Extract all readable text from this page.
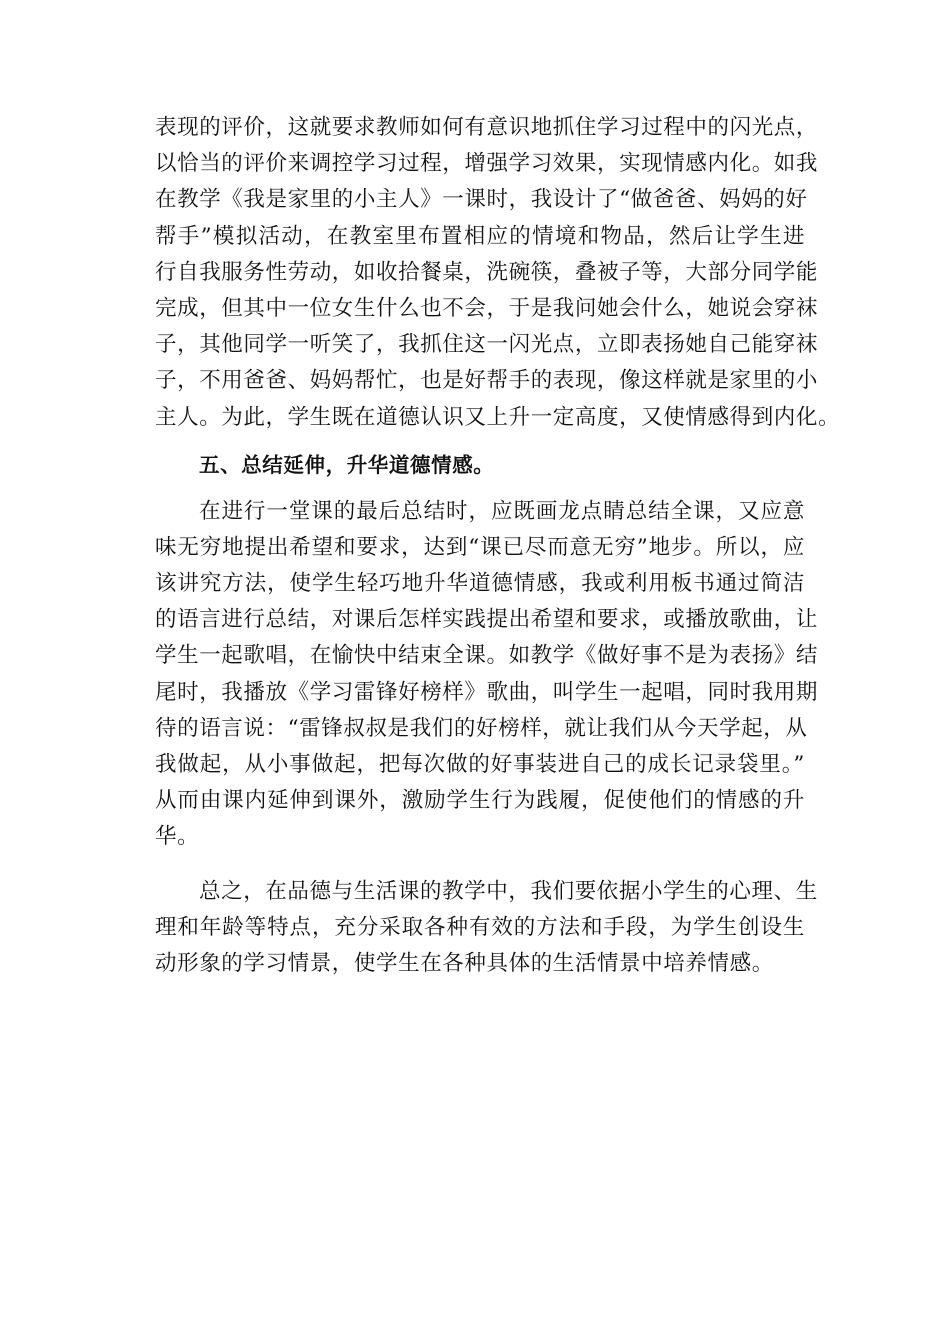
表现的评价，这就要求教师如何有意识地抓住学习过程中的闪光点，
以恰当的评价来调控学习过程，增强学习效果，实现情感内化。如我
在教学《我是家里的小主人》一课时，我设计了“做爸爸、妈妈的好
帮手”模拟活动，在教室里布置相应的情境和物品，然后让学生进
行自我服务性劳动，如收拾餐桌，洗碗筷，叠被子等，大部分同学能
完成，但其中一位女生什么也不会，于是我问她会什么，她说会穿袜
子，其他同学一听笑了，我抓住这一闪光点，立即表扬她自己能穿袜
子，不用爸爸、妈妈帮忙，也是好帮手的表现，像这样就是家里的小
主人。为此，学生既在道德认识又上升一定高度，又使情感得到内化。
五、总结延伸，升华道德情感。
在进行一堂课的最后总结时，应既画龙点睛总结全课，又应意
味无穷地提出希望和要求，达到“课已尽而意无穷”地步。所以，应
该讲究方法，使学生轻巧地升华道德情感，我或利用板书通过简洁
的语言进行总结，对课后怎样实践提出希望和要求，或播放歌曲，让
学生一起歌唱，在愉快中结束全课。如教学《做好事不是为表扬》结
尾时，我播放《学习雷锋好榜样》歌曲，叫学生一起唱，同时我用期
待的语言说：“雷锋叔叔是我们的好榜样，就让我们从今天学起，从
我做起，从小事做起，把每次做的好事装进自己的成长记录袋里。”
从而由课内延伸到课外，激励学生行为践履，促使他们的情感的升
华。
总之，在品德与生活课的教学中，我们要依据小学生的心理、生
理和年龄等特点，充分采取各种有效的方法和手段，为学生创设生
动形象的学习情景，使学生在各种具体的生活情景中培养情感。
